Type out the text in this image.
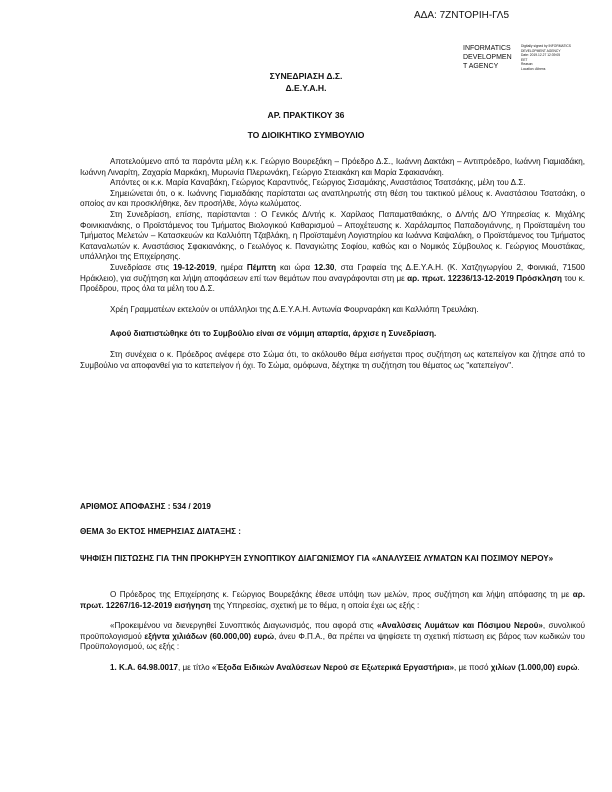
ΑΔΑ: 7ΖΝΤΟΡΙΗ-ΓΛ5
INFORMATICS
DEVELOPMEN
T AGENCY
Digitally signed by INFORMATICS
DEVELOPMENT AGENCY
Date: 2019.12.27 12:39:05
EET
Reason:
Location: Athens
ΣΥΝΕΔΡΙΑΣΗ Δ.Σ.
Δ.Ε.Υ.Α.Η.
ΑΡ. ΠΡΑΚΤΙΚΟΥ 36
ΤΟ ΔΙΟΙΚΗΤΙΚΟ ΣΥΜΒΟΥΛΙΟ

Αποτελούμενο από τα παρόντα μέλη κ.κ. Γεώργιο Βουρεξάκη – Πρόεδρο Δ.Σ., Ιωάννη Δακτάκη – Αντιπρόεδρο, Ιωάννη Γιαμιαδάκη, Ιωάννη Λιναρίτη, Ζαχαρία Μαρκάκη, Μυρωνία Πλερωνάκη, Γεώργιο Στειακάκη και Μαρία Σφακιανάκη.

Απόντες οι κ.κ. Μαρία Καναβάκη, Γεώργιος Καραντινός, Γεώργιος Σισαμάκης, Αναστάσιος Τσατσάκης, μέλη του Δ.Σ.

Σημειώνεται ότι, ο κ. Ιωάννης Γιαμιαδάκης παρίσταται ως αναπληρωτής στη θέση του τακτικού μέλους κ. Αναστάσιου Τσατσάκη, ο οποίος αν και προσκλήθηκε, δεν προσήλθε, λόγω κωλύματος.

Στη Συνεδρίαση, επίσης, παρίστανται : Ο Γενικός Δ/ντής κ. Χαρίλαος Παπαματθαιάκης, ο Δ/ντής Δ/Ο Υπηρεσίας κ. Μιχάλης Φοινικιανάκης, ο Προϊστάμενος του Τμήματος Βιολογικού Καθαρισμού – Αποχέτευσης κ. Χαράλαμπος Παπαδογιάννης, η Προϊσταμένη του Τμήματος Μελετών – Κατασκευών κα Καλλιόπη Τζαβλάκη, η Προϊσταμένη Λογιστηρίου κα Ιωάννα Καψαλάκη, ο Προϊστάμενος του Τμήματος Καταναλωτών κ. Αναστάσιος Σφακιανάκης, ο Γεωλόγος κ. Παναγιώτης Σοφίου, καθώς και ο Νομικός Σύμβουλος κ. Γεώργιος Μουστάκας, υπάλληλοι της Επιχείρησης.

Συνεδρίασε στις 19-12-2019, ημέρα Πέμπτη και ώρα 12.30, στα Γραφεία της Δ.Ε.Υ.Α.Η. (Κ. Χατζηγωργίου 2, Φοινικιά, 71500 Ηράκλειο), για συζήτηση και λήψη αποφάσεων επί των θεμάτων που αναγράφονται στη με αρ. πρωτ. 12236/13-12-2019 Πρόσκληση του κ. Προέδρου, προς όλα τα μέλη του Δ.Σ.

Χρέη Γραμματέων εκτελούν οι υπάλληλοι της Δ.Ε.Υ.Α.Η. Αντωνία Φουρναράκη και Καλλιόπη Τρευλάκη.

Αφού διαπιστώθηκε ότι το Συμβούλιο είναι σε νόμιμη απαρτία, άρχισε η Συνεδρίαση.

Στη συνέχεια ο κ. Πρόεδρος ανέφερε στο Σώμα ότι, το ακόλουθο θέμα εισήγεται προς συζήτηση ως κατεπείγον και ζήτησε από το Συμβούλιο να αποφανθεί για το κατεπείγον ή όχι. Το Σώμα, ομόφωνα, δέχτηκε τη συζήτηση του θέματος ως "κατεπείγον".

ΑΡΙΘΜΟΣ ΑΠΟΦΑΣΗΣ : 534 / 2019
ΘΕΜΑ 3ο ΕΚΤΟΣ ΗΜΕΡΗΣΙΑΣ ΔΙΑΤΑΞΗΣ :
ΨΗΦΙΣΗ ΠΙΣΤΩΣΗΣ ΓΙΑ ΤΗΝ ΠΡΟΚΗΡΥΞΗ ΣΥΝΟΠΤΙΚΟΥ ΔΙΑΓΩΝΙΣΜΟΥ ΓΙΑ «ΑΝΑΛΥΣΕΙΣ ΛΥΜΑΤΩΝ ΚΑΙ ΠΟΣΙΜΟΥ ΝΕΡΟΥ»

Ο Πρόεδρος της Επιχείρησης κ. Γεώργιος Βουρεξάκης έθεσε υπόψη των μελών, προς συζήτηση και λήψη απόφασης τη με αρ. πρωτ. 12267/16-12-2019 εισήγηση της Υπηρεσίας, σχετική με το θέμα, η οποία έχει ως εξής :

«Προκειμένου να διενεργηθεί Συνοπτικός Διαγωνισμός, που αφορά στις «Αναλύσεις Λυμάτων και Πόσιμου Νερού», συνολικού προϋπολογισμού εξήντα χιλιάδων (60.000,00) ευρώ, άνευ Φ.Π.Α., θα πρέπει να ψηφίσετε τη σχετική πίστωση εις βάρος των κωδικών του Προϋπολογισμού, ως εξής :

1. Κ.Α. 64.98.0017, με τίτλο «Έξοδα Ειδικών Αναλύσεων Νερού σε Εξωτερικά Εργαστήρια», με ποσό χιλίων (1.000,00) ευρώ.
